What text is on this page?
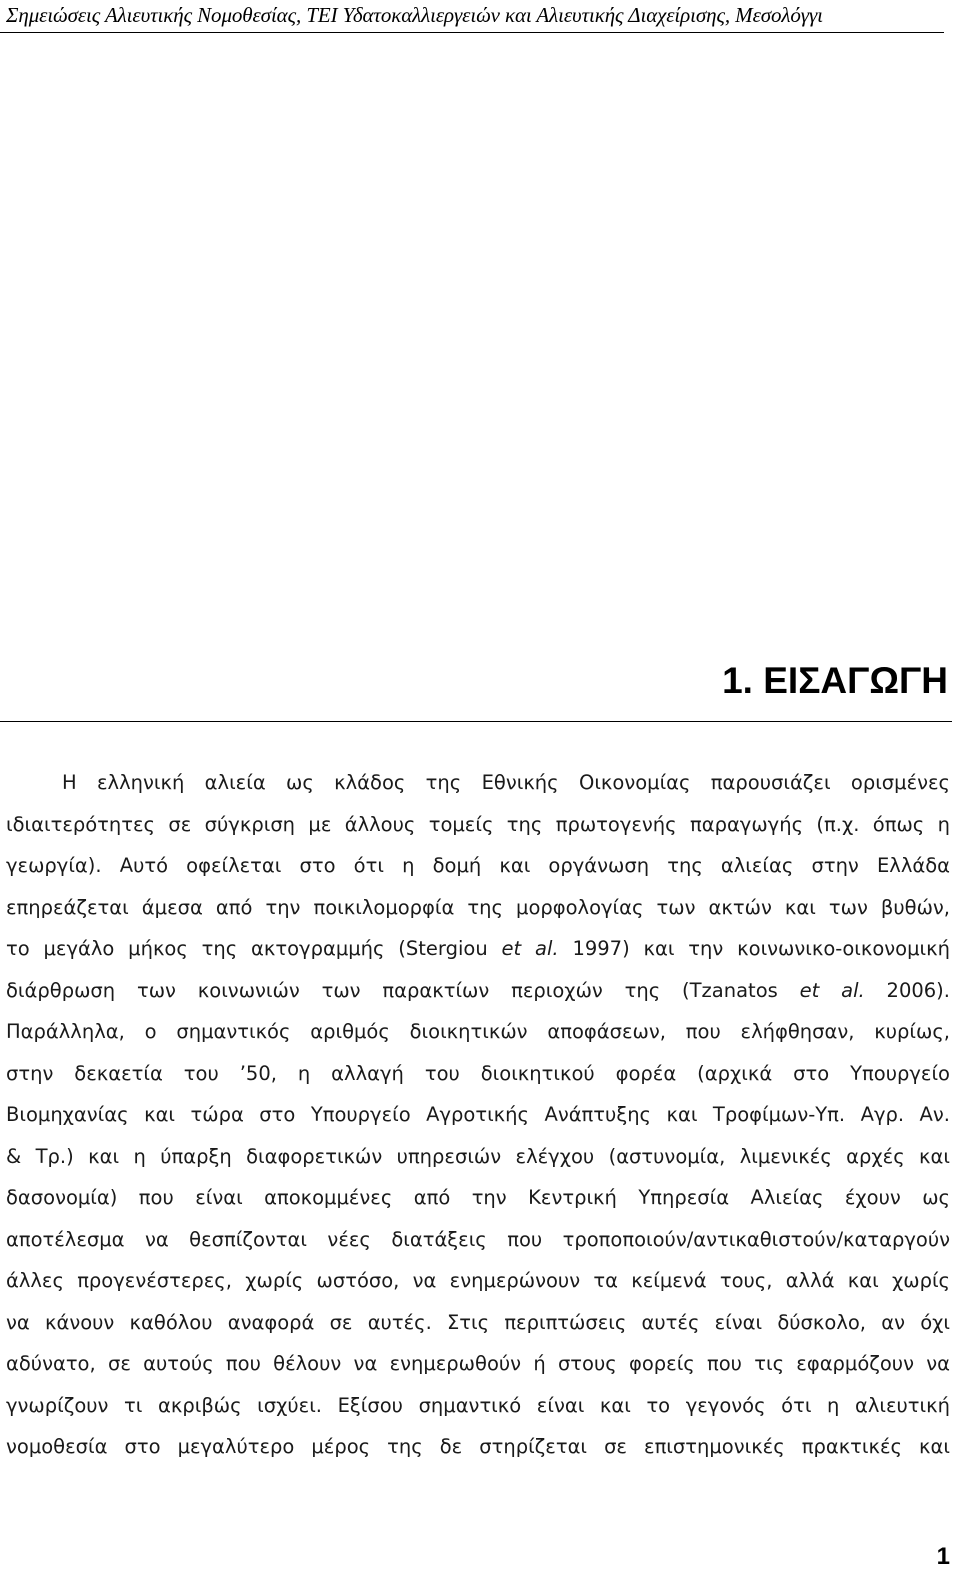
Σημειώσεις Αλιευτικής Νομοθεσίας, ΤΕΙ Υδατοκαλλιεργειών και Αλιευτικής Διαχείρισης, Μεσολόγγι
1. ΕΙΣΑΓΩΓΗ
Η ελληνική αλιεία ως κλάδος της Εθνικής Οικονομίας παρουσιάζει ορισμένες
ιδιαιτερότητες σε σύγκριση με άλλους τομείς της πρωτογενής παραγωγής (π.χ. όπως η
γεωργία). Αυτό οφείλεται στο ότι η δομή και οργάνωση της αλιείας στην Ελλάδα
επηρεάζεται άμεσα από την ποικιλομορφία της μορφολογίας των ακτών και των βυθών,
το μεγάλο μήκος της ακτογραμμής (Stergiou et al. 1997) και την κοινωνικο-οικονομική
διάρθρωση των κοινωνιών των παρακτίων περιοχών της (Tzanatos et al. 2006).
Παράλληλα, ο σημαντικός αριθμός διοικητικών αποφάσεων, που ελήφθησαν, κυρίως,
στην δεκαετία του ’50, η αλλαγή του διοικητικού φορέα (αρχικά στο Υπουργείο
Βιομηχανίας και τώρα στο Υπουργείο Αγροτικής Ανάπτυξης και Τροφίμων-Υπ. Αγρ. Αν.
& Τρ.) και η ύπαρξη διαφορετικών υπηρεσιών ελέγχου (αστυνομία, λιμενικές αρχές και
δασονομία) που είναι αποκομμένες από την Κεντρική Υπηρεσία Αλιείας έχουν ως
αποτέλεσμα να θεσπίζονται νέες διατάξεις που τροποποιούν/αντικαθιστούν/καταργούν
άλλες προγενέστερες, χωρίς ωστόσο, να ενημερώνουν τα κείμενά τους, αλλά και χωρίς
να κάνουν καθόλου αναφορά σε αυτές. Στις περιπτώσεις αυτές είναι δύσκολο, αν όχι
αδύνατο, σε αυτούς που θέλουν να ενημερωθούν ή στους φορείς που τις εφαρμόζουν να
γνωρίζουν τι ακριβώς ισχύει. Εξίσου σημαντικό είναι και το γεγονός ότι η αλιευτική
νομοθεσία στο μεγαλύτερο μέρος της δε στηρίζεται σε επιστημονικές πρακτικές και
1
